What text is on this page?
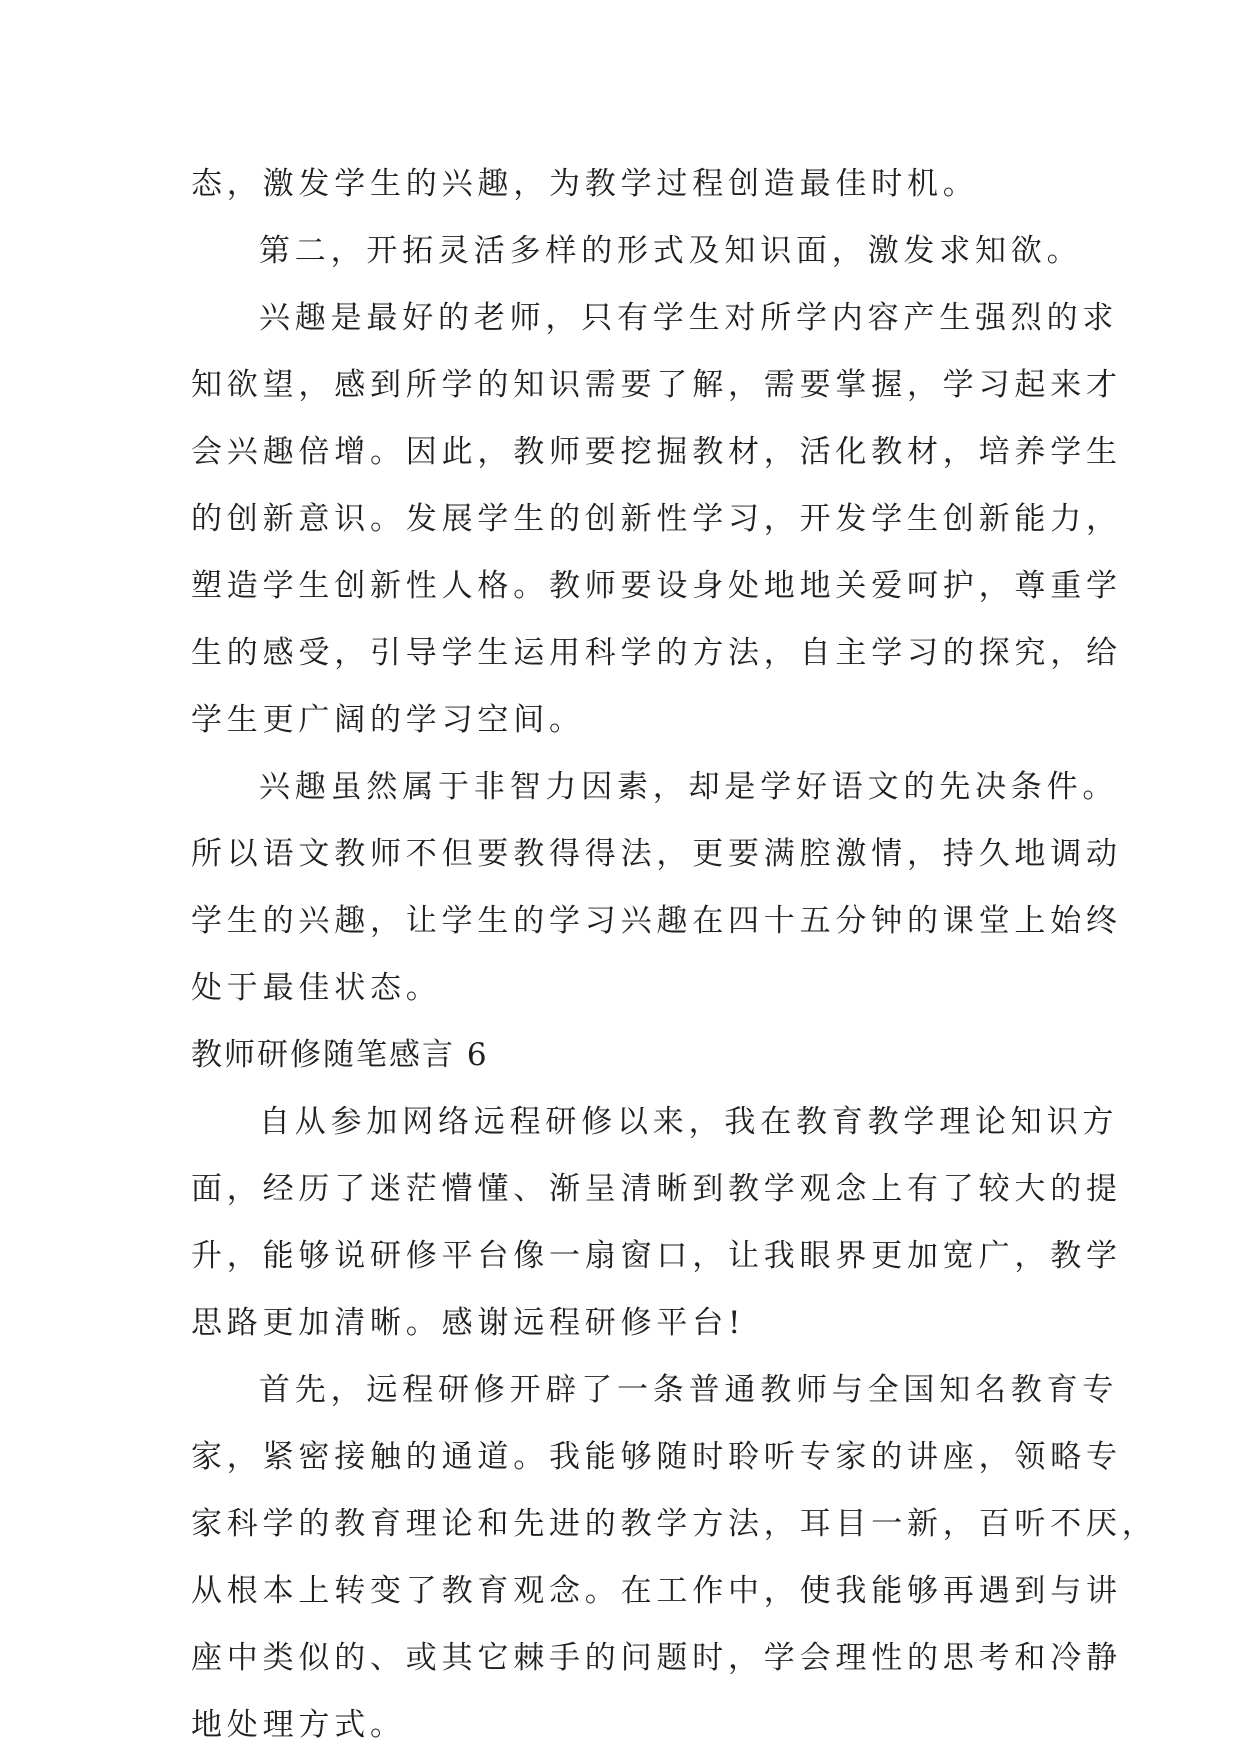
态，激发学生的兴趣，为教学过程创造最佳时机。
第二，开拓灵活多样的形式及知识面，激发求知欲。
兴趣是最好的老师，只有学生对所学内容产生强烈的求
知欲望，感到所学的知识需要了解，需要掌握，学习起来才
会兴趣倍增。因此，教师要挖掘教材，活化教材，培养学生
的创新意识。发展学生的创新性学习，开发学生创新能力，
塑造学生创新性人格。教师要设身处地地关爱呵护，尊重学
生的感受，引导学生运用科学的方法，自主学习的探究，给
学生更广阔的学习空间。
兴趣虽然属于非智力因素，却是学好语文的先决条件。
所以语文教师不但要教得得法，更要满腔激情，持久地调动
学生的兴趣，让学生的学习兴趣在四十五分钟的课堂上始终
处于最佳状态。
教师研修随笔感言 6
自从参加网络远程研修以来，我在教育教学理论知识方
面，经历了迷茫懵懂、渐呈清晰到教学观念上有了较大的提
升，能够说研修平台像一扇窗口，让我眼界更加宽广，教学
思路更加清晰。感谢远程研修平台!
首先，远程研修开辟了一条普通教师与全国知名教育专
家，紧密接触的通道。我能够随时聆听专家的讲座，领略专
家科学的教育理论和先进的教学方法，耳目一新，百听不厌，
从根本上转变了教育观念。在工作中，使我能够再遇到与讲
座中类似的、或其它棘手的问题时，学会理性的思考和冷静
地处理方式。
